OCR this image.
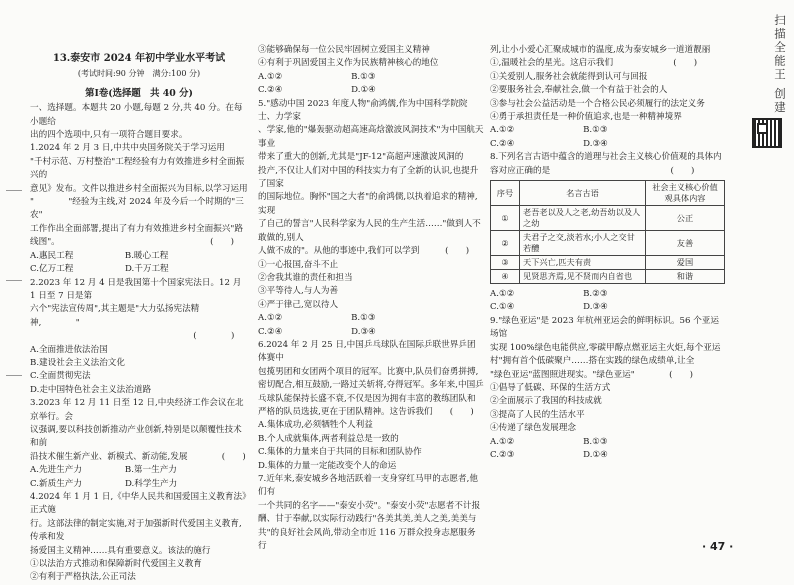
13.泰安市 2024 年初中学业水平考试
(考试时间:90 分钟　满分:100 分)
第Ⅰ卷(选择题　共 40 分)

一、选择题。本题共 20 小题,每题 2 分,共 40 分。在每小题给

出的四个选项中,只有一项符合题目要求。

1.2024 年 2 月 3 日,中共中央国务院关于学习运用

"千村示范、万村整治"工程经验有力有效推进乡村全面振兴的

意见》发布。文件以推进乡村全面振兴为目标,以学习运用

"　　　　"经验为主线,对 2024 年及今后一个时期的"三农"

工作作出全面部署,提出了有力有效推进乡村全面振兴"路

线图"。　　　　　　　　　　　　　　　　　　(　　)

A.惠民工程　　　　　　B.暖心工程

C.亿万工程　　　　　　D.千万工程

2.2023 年 12 月 4 日是我国第十个国家宪法日。12 月 1 日至 7 日是第

六个"宪法宣传周",其主题是"大力弘扬宪法精神,　　　　"

　　　　　　　　　　　　　　　　　　　(　　　　)

A.全面推进依法治国

B.建设社会主义法治文化

C.全面贯彻宪法

D.走中国特色社会主义法治道路

3.2023 年 12 月 11 日至 12 日,中央经济工作会议在北京举行。会

议强调,要以科技创新推动产业创新,特别是以颠覆性技术和前

沿技术催生新产业、新模式、新动能,发展　　　　(　　)

A.先进生产力　　　　　B.第一生产力

C.新质生产力　　　　　D.科学生产力

4.2024 年 1 月 1 日,《中华人民共和国爱国主义教育法》正式施

行。这部法律的制定实施,对于加强新时代爱国主义教育,传承和发

扬爱国主义精神……具有重要意义。该法的施行

①以法治方式推动和保障新时代爱国主义教育

②有利于严格执法,公正司法

③能够确保每一位公民牢固树立爱国主义精神

④有利于巩固爱国主义作为民族精神核心的地位

A.①②　　　　　　　　B.①③

C.②④　　　　　　　　D.①④

5."感动中国 2023 年度人物"俞鸿儒,作为中国科学院院士、力学家

、学家,他的"爆轰驱动超高速高焓激波风洞技术"为中国航天事业

带来了重大的创新,尤其是"JF-12"高超声速激波风洞的

投产,不仅让人们对中国的科技实力有了全新的认识,也提升了国家

的国际地位。胸怀"国之大者"的俞鸿儒,以执着追求的精神,实现

了自己的誓言"人民科学家为人民的生产生活……"做到人不敢做的,别人

人做不成的"。从他的事迹中,我们可以学到　　　(　　)

①一心报国,奋斗不止

②舍我其谁的责任和担当

③平等待人,与人为善

④严于律己,宽以待人

A.①②　　　　　　　　B.①③

C.②④　　　　　　　　D.③④

6.2024 年 2 月 25 日,中国乒乓球队在国际乒联世界乒团体赛中

包揽男团和女团两个项目的冠军。比赛中,队员们奋勇拼搏,

密切配合,相互鼓励,一路过关斩将,夺得冠军。多年来,中国乒

乓球队能保持长盛不衰,不仅是因为拥有丰富的教练团队和

严格的队员选拔,更在于团队精神。这告诉我们　　(　　)

A.集体成功,必须牺牲个人利益

B.个人成就集体,两者利益总是一致的

C.集体的力量来自于共同的目标和团队协作

D.集体的力量一定能改变个人的命运

7.近年来,泰安城乡各地活跃着一支身穿红马甲的志愿者,他们有

一个共同的名字——"泰安小荧"。"泰安小荧"志愿者不计报

酬、甘于奉献,以实际行动践行"各美其美,美人之美,美美与

共"的良好社会风尚,带动全市近 116 万群众投身志愿服务行

列,让小小爱心汇聚成城市的温度,成为泰安城乡一道道靓丽

①,温暖社会的星光。这启示我们　　　　　　　(　　)

①关爱别人,服务社会就能得到认可与回报

②要服务社会,奉献社会,做一个有益于社会的人

③参与社会公益活动是一个合格公民必须履行的法定义务

④勇于承担责任是一种价值追求,也是一种精神境界

A.①②　　　　　　　　B.①③

C.②④　　　　　　　　D.③④

8.下列名言古语中蕴含的道理与社会主义核心价值观的具体内

容对应正确的是　　　　　　　　　　　　　　(　　)

序号	名言古语	社会主义核心价值观具体内容
①	老吾老以及人之老,幼吾幼以及人之幼	公正
②	夫君子之交,淡若水;小人之交甘若醴	友善
③	天下兴亡,匹夫有责	爱国
④	见贤思齐焉,见不贤而内自省也	和谐

A.①②　　　　　　　　B.②③

C.①④　　　　　　　　D.③④

9."绿色亚运"是 2023 年杭州亚运会的鲜明标识。56 个亚运场馆

实现 100%绿色电能供应,零碳甲醇点燃亚运主火炬,每个亚运

村"拥有首个低碳聚户……搭在实践的绿色成绩单,让全

"绿色亚运"蓝图照进现实。"绿色亚运"　　　　(　　)

①倡导了低碳、环保的生活方式

②全面展示了我国的科技成就

③提高了人民的生活水平

④传递了绿色发展理念

A.①②　　　　　　　　B.①③

C.②③　　　　　　　　D.①④

扫描全能王 创建
· 47 ·
